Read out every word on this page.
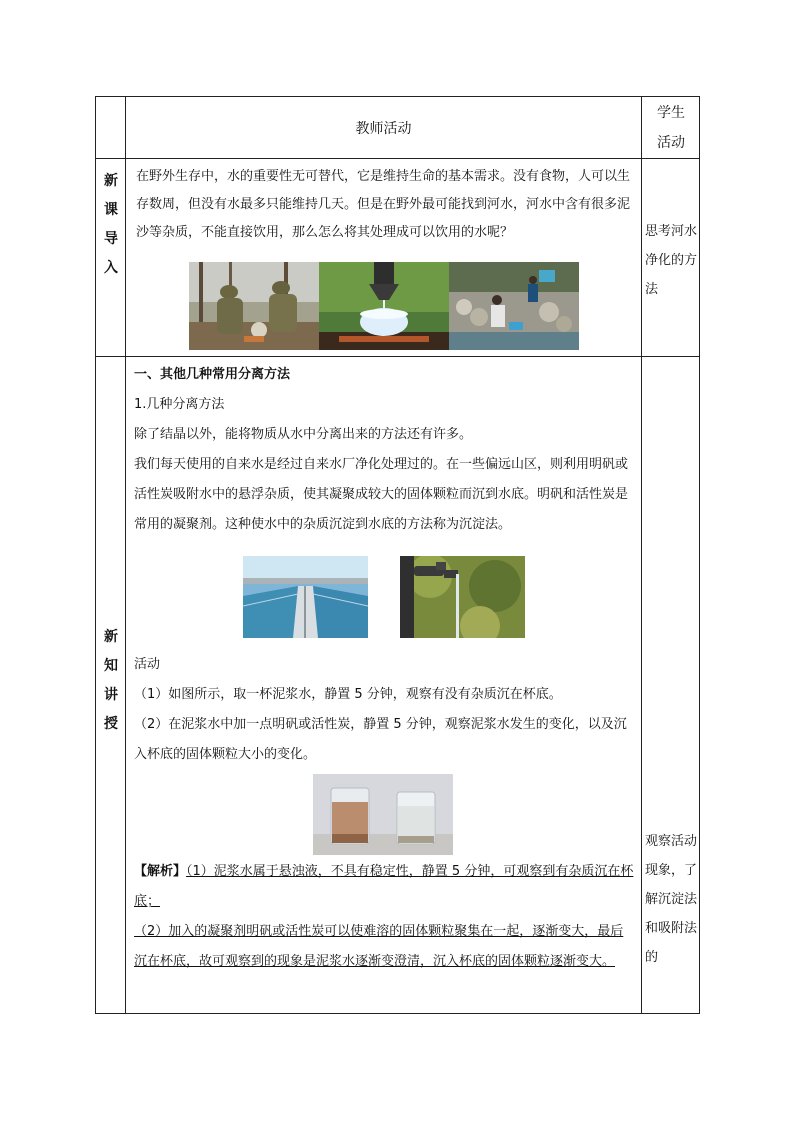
教师活动
学生
活动
新
课
导
入

在野外生存中，水的重要性无可替代，它是维持生命的基本需求。没有食物，人可以生存数周，但没有水最多只能维持几天。但是在野外最可能找到河水，河水中含有很多泥沙等杂质，不能直接饮用，那么怎么将其处理成可以饮用的水呢？	思考河水净化的方法
新
知
讲
授

一、其他几种常用分离方法

1.几种分离方法

除了结晶以外，能将物质从水中分离出来的方法还有许多。

我们每天使用的自来水是经过自来水厂净化处理过的。在一些偏远山区，则利用明矾或活性炭吸附水中的悬浮杂质，使其凝聚成较大的固体颗粒而沉到水底。明矾和活性炭是常用的凝聚剂。这种使水中的杂质沉淀到水底的方法称为沉淀法。

活动

（1）如图所示，取一杯泥浆水，静置 5 分钟，观察有没有杂质沉在杯底。

（2）在泥浆水中加一点明矾或活性炭，静置 5 分钟，观察泥浆水发生的变化，以及沉入杯底的固体颗粒大小的变化。

【解析】（1）泥浆水属于悬浊液，不具有稳定性，静置 5 分钟，可观察到有杂质沉在杯底；

（2）加入的凝聚剂明矾或活性炭可以使难溶的固体颗粒聚集在一起，逐渐变大，最后沉在杯底，故可观察到的现象是泥浆水逐渐变澄清，沉入杯底的固体颗粒逐渐变大。

观察活动现象，了解沉淀法和吸附法的
